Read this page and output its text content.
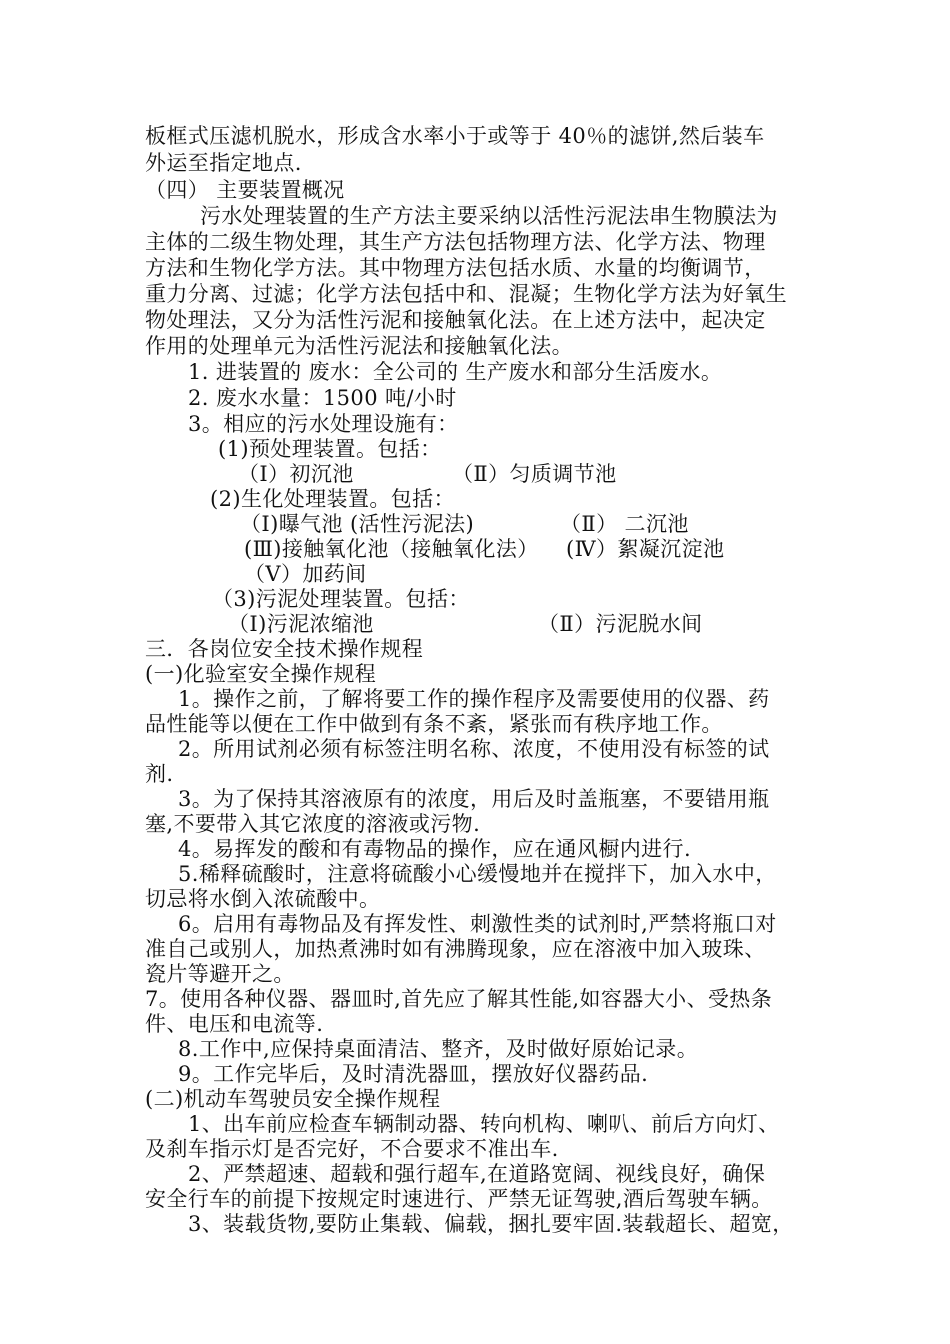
板框式压滤机脱水，形成含水率小于或等于 40％的滤饼,然后装车
外运至指定地点.
（四） 主要装置概况
污水处理装置的生产方法主要采纳以活性污泥法串生物膜法为
主体的二级生物处理，其生产方法包括物理方法、化学方法、物理
方法和生物化学方法。其中物理方法包括水质、水量的均衡调节，
重力分离、过滤；化学方法包括中和、混凝；生物化学方法为好氧生
物处理法，又分为活性污泥和接触氧化法。在上述方法中，起决定
作用的处理单元为活性污泥法和接触氧化法。
1. 进装置的 废水：全公司的 生产废水和部分生活废水。
2. 废水水量：1500 吨/小时
3。相应的污水处理设施有：
(1)预处理装置。包括：
（Ⅰ）初沉池	（Ⅱ）匀质调节池
(2)生化处理装置。包括：
（Ⅰ)曝气池 (活性污泥法)	（Ⅱ） 二沉池
(Ⅲ)接触氧化池（接触氧化法） (Ⅳ）絮凝沉淀池
（Ⅴ）加药间
（3)污泥处理装置。包括：
（Ⅰ)污泥浓缩池	（Ⅱ）污泥脱水间
三．各岗位安全技术操作规程
(一)化验室安全操作规程
1。操作之前，了解将要工作的操作程序及需要使用的仪器、药
品性能等以便在工作中做到有条不紊，紧张而有秩序地工作。
2。所用试剂必须有标签注明名称、浓度，不使用没有标签的试
剂.
3。为了保持其溶液原有的浓度，用后及时盖瓶塞，不要错用瓶
塞,不要带入其它浓度的溶液或污物.
4。易挥发的酸和有毒物品的操作，应在通风橱内进行.
5.稀释硫酸时，注意将硫酸小心缓慢地并在搅拌下，加入水中，
切忌将水倒入浓硫酸中。
6。启用有毒物品及有挥发性、刺激性类的试剂时,严禁将瓶口对
准自己或别人，加热煮沸时如有沸腾现象，应在溶液中加入玻珠、
瓷片等避开之。
7。使用各种仪器、器皿时,首先应了解其性能,如容器大小、受热条
件、电压和电流等.
8.工作中,应保持桌面清洁、整齐，及时做好原始记录。
9。工作完毕后，及时清洗器皿，摆放好仪器药品.
(二)机动车驾驶员安全操作规程
1、出车前应检查车辆制动器、转向机构、喇叭、前后方向灯、
及刹车指示灯是否完好，不合要求不准出车.
2、严禁超速、超载和强行超车,在道路宽阔、视线良好，确保
安全行车的前提下按规定时速进行、严禁无证驾驶,酒后驾驶车辆。
3、装载货物,要防止集载、偏载，捆扎要牢固.装载超长、超宽，
